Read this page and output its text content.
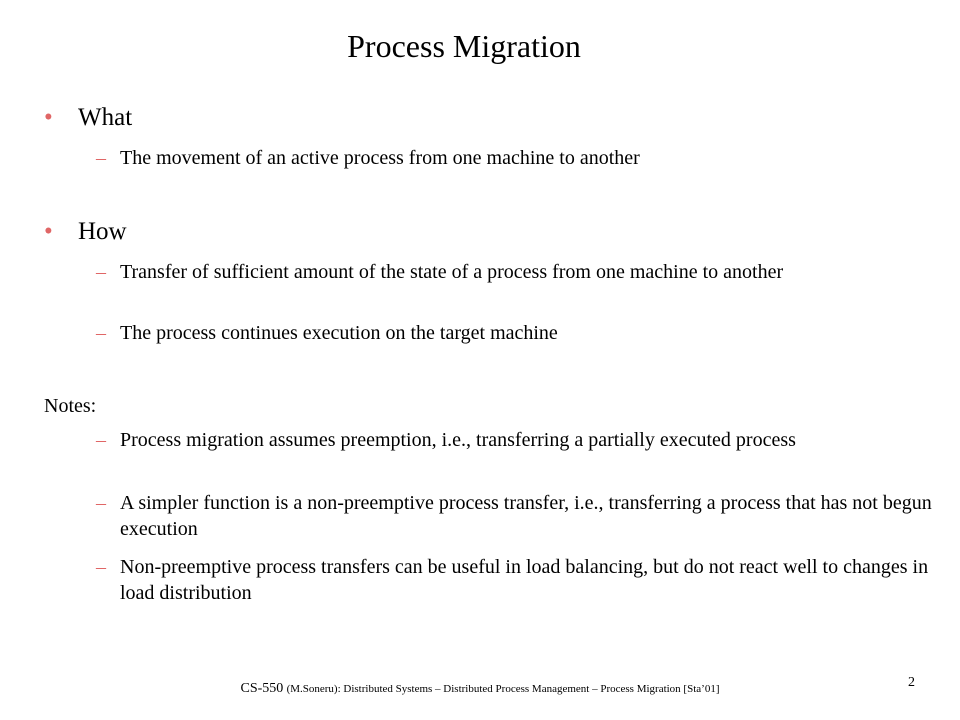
Process Migration
•	What
– The movement of an active process from one machine to another
•	How
– Transfer of sufficient amount of the state of a process from one machine to another
– The process continues execution on the target machine
Notes:
– Process migration assumes preemption, i.e., transferring a partially executed process
– A simpler function is a non-preemptive process transfer, i.e., transferring a process that has not begun execution
– Non-preemptive process transfers can be useful in load balancing, but do not react well to changes in load distribution
CS-550 (M.Soneru): Distributed Systems – Distributed Process Management – Process Migration [Sta’01]	2
